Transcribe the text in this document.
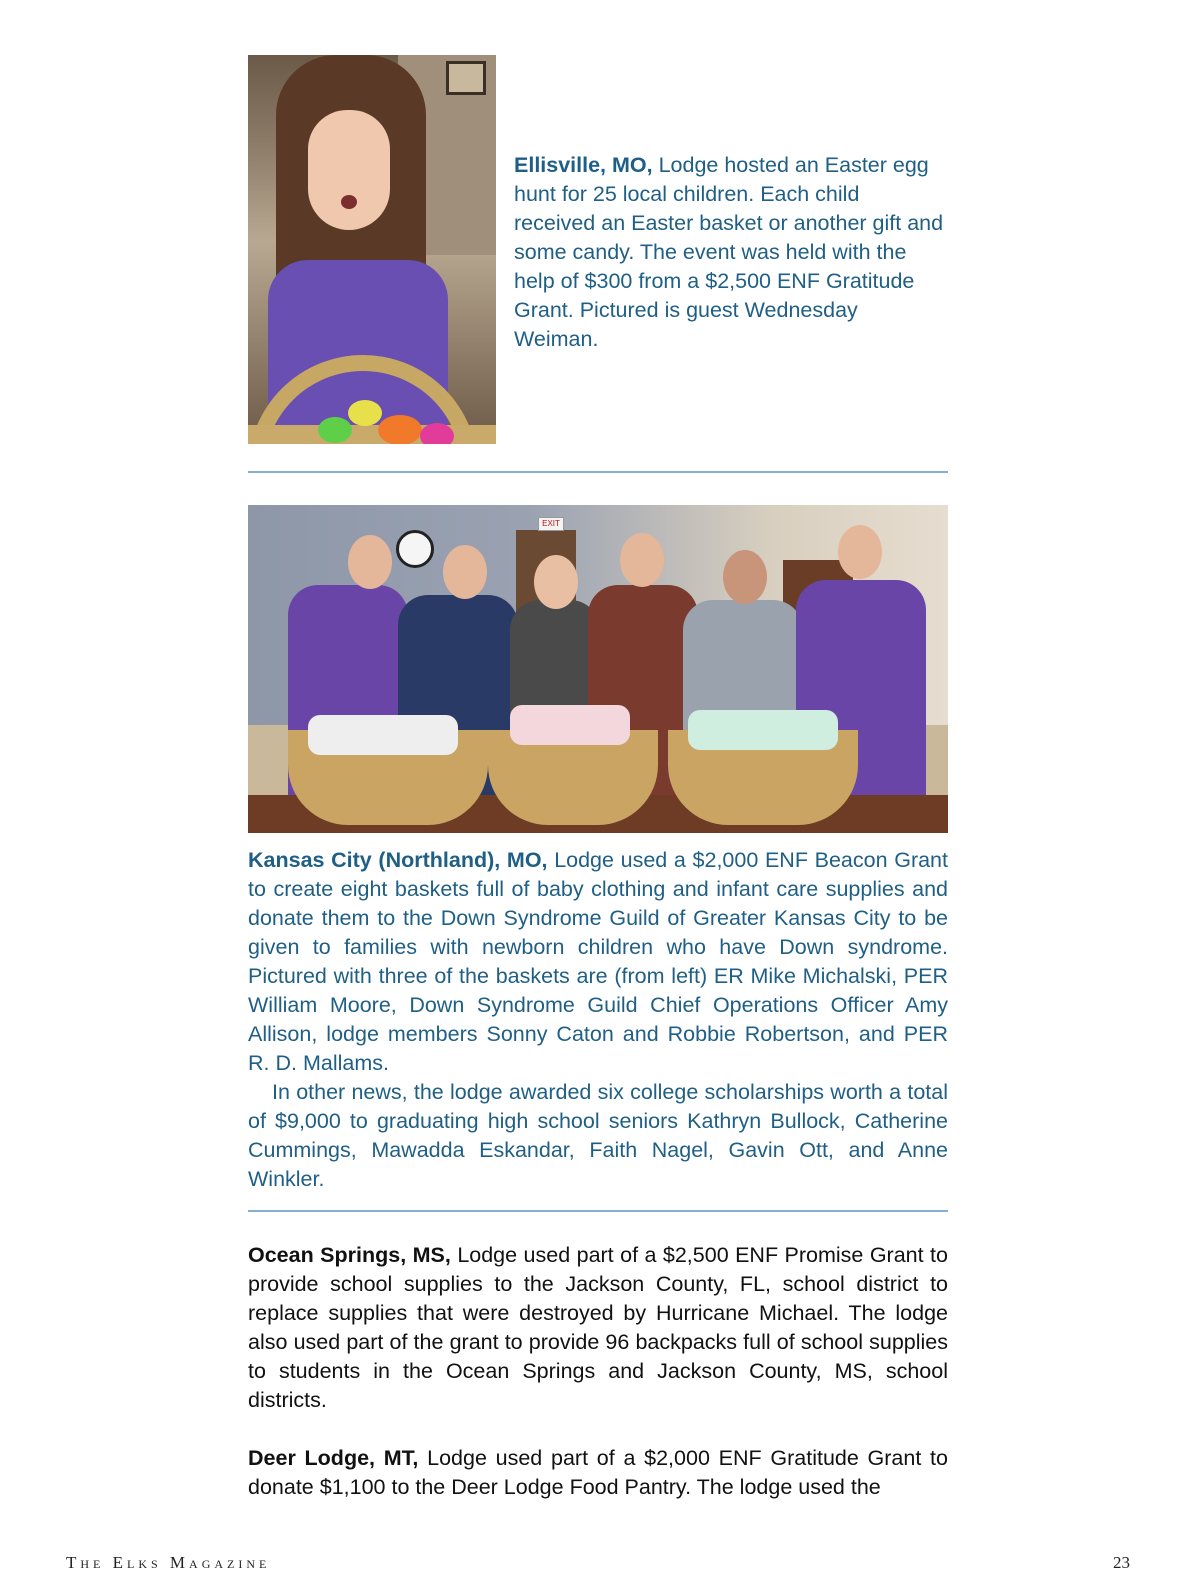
Ellisville, MO, Lodge hosted an Easter egg hunt for 25 local children. Each child received an Easter basket or another gift and some candy. The event was held with the help of $300 from a $2,500 ENF Gratitude Grant. Pictured is guest Wednesday Weiman.

EXIT

Kansas City (Northland), MO, Lodge used a $2,000 ENF Beacon Grant to create eight baskets full of baby clothing and infant care supplies and donate them to the Down Syndrome Guild of Greater Kansas City to be given to families with newborn children who have Down syndrome. Pictured with three of the baskets are (from left) ER Mike Michalski, PER William Moore, Down Syndrome Guild Chief Operations Officer Amy Allison, lodge members Sonny Caton and Robbie Robertson, and PER R. D. Mallams.

In other news, the lodge awarded six college scholarships worth a total of $9,000 to graduating high school seniors Kathryn Bullock, Catherine Cummings, Mawadda Eskandar, Faith Nagel, Gavin Ott, and Anne Winkler.

Ocean Springs, MS, Lodge used part of a $2,500 ENF Promise Grant to provide school supplies to the Jackson County, FL, school district to replace supplies that were destroyed by Hurricane Michael. The lodge also used part of the grant to provide 96 backpacks full of school supplies to students in the Ocean Springs and Jackson County, MS, school districts.

Deer Lodge, MT, Lodge used part of a $2,000 ENF Gratitude Grant to donate $1,100 to the Deer Lodge Food Pantry. The lodge used the

The Elks Magazine	23
